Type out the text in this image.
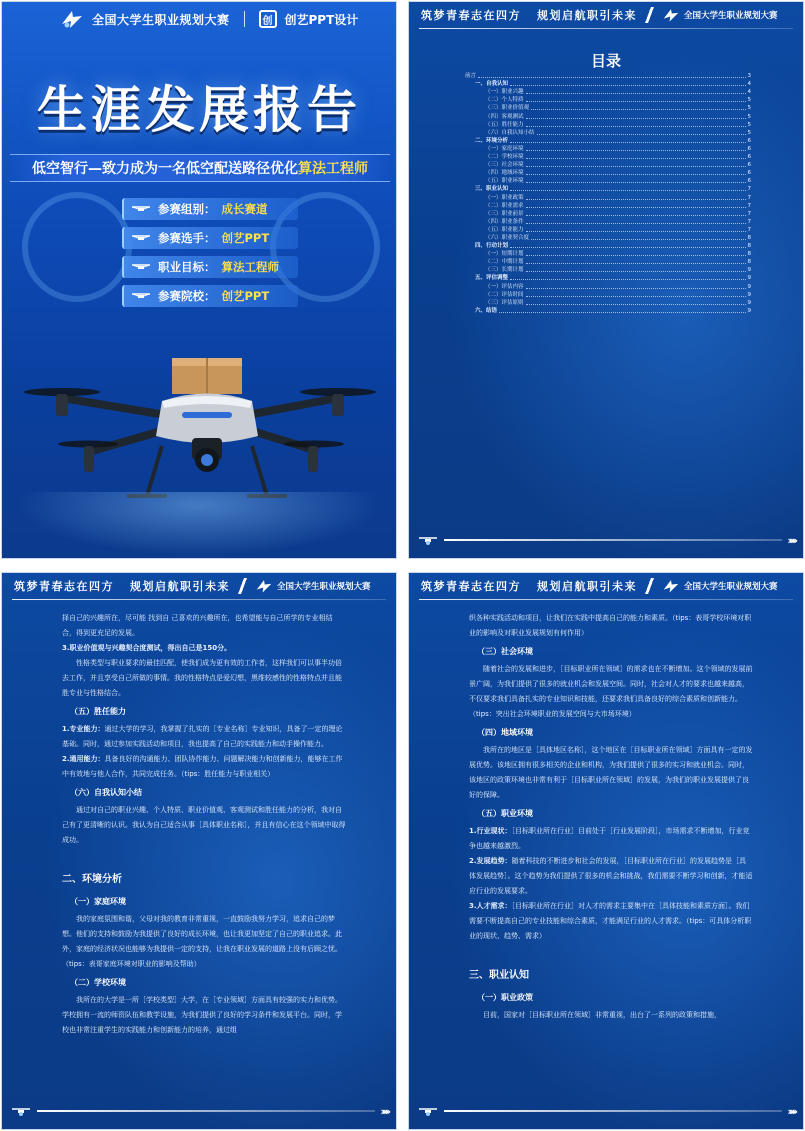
全国大学生职业规划大赛	创	创艺PPT设计
生涯发展报告
低空智行—致力成为一名低空配送路径优化 算法工程师
参赛组别： 成长赛道
参赛选手： 创艺PPT
职业目标： 算法工程师
参赛院校： 创艺PPT
筑梦青春志在四方 规划启航职引未来	全国大学生职业规划大赛
目录
前言	3
一、自我认知	4
（一）职业兴趣	4
（二）个人特质	5
（三）职业价值观	5
（四）客观测试	5
（五）胜任能力	5
（六）自我认知小结	5
二、环境分析	6
（一）家庭环境	6
（二）学校环境	6
（三）社会环境	6
（四）地域环境	6
（五）职业环境	6
三、职业认知	7
（一）职业政策	7
（二）职业需求	7
（三）职业前景	7
（四）职业条件	7
（五）职业能力	7
（六）职业契合度	8
四、行动计划	8
（一）短期计划	8
（二）中期计划	8
（三）长期计划	9
五、评估调整	9
（一）评估内容	9
（二）评估时间	9
（三）评估原则	9
六、结语	9
›››››
筑梦青春志在四方 规划启航职引未来	全国大学生职业规划大赛

择自己的兴趣所在，尽可能 找到自 己喜欢的兴趣所在，也希望能与自己所学的专业相结合，得到更充足的发展。

3.职业价值观与兴趣契合度测试，得出自己是150分。

性格类型与职业要求的最佳匹配，使我们成为更有效的工作者，这样我们可以事半功倍去工作，并且享受自己所做的事情。我的性格特点是爱幻想，黑维较感性的性格特点并且能胜专业与性格结合。

（五）胜任能力

1.专业能力：通过大学的学习，我掌握了扎实的［专业名称］专业知识，具备了一定的理论基础。同时，通过参加实践活动和项目，我也提高了自己的实践能力和动手操作能力。

2.通用能力：具备良好的沟通能力、团队协作能力、问题解决能力和创新能力，能够在工作中有效地与他人合作，共同完成任务。（tips：胜任能力与职业相关）

（六）自我认知小结

通过对自己的职业兴趣、个人特质、职业价值观、客观测试和胜任能力的分析，我对自己有了更清晰的认识。我认为自己适合从事［具体职业名称］，并且有信心在这个领域中取得成功。

二、环境分析
（一）家庭环境

我的家庭氛围和谐，父母对我的教育非常重视，一直鼓励我努力学习，追求自己的梦想。他们的支持和鼓励为我提供了良好的成长环境，也让我更加坚定了自己的职业追求。此外，家庭的经济状况也能够为我提供一定的支持，让我在职业发展的道路上没有后顾之忧。（tips：表哥家庭环境对职业的影响及帮助）

（二）学校环境

我所在的大学是一所［学校类型］大学，在［专业领域］方面具有较强的实力和优势。学校拥有一流的师资队伍和教学设施，为我们提供了良好的学习条件和发展平台。同时，学校也非常注重学生的实践能力和创新能力的培养，通过组

›››››
筑梦青春志在四方 规划启航职引未来	全国大学生职业规划大赛

织各种实践活动和项目，让我们在实践中提高自己的能力和素质。（tips：表哥学校环境对职业的影响及对职业发展规划有何作用）

（三）社会环境

随着社会的发展和进步，［目标职业所在领域］的需求也在不断增加。这个领域的发展前景广阔，为我们提供了很多的就业机会和发展空间。同时，社会对人才的要求也越来越高，不仅要求我们具备扎实的专业知识和技能，还要求我们具备良好的综合素质和创新能力。（tips：突出社会环境职业的发展空间与大市场环境）

（四）地域环境

我所在的地区是［具体地区名称］，这个地区在［目标职业所在领域］方面具有一定的发展优势。该地区拥有很多相关的企业和机构，为我们提供了很多的实习和就业机会。同时，该地区的政策环境也非常有利于［目标职业所在领域］的发展，为我们的职业发展提供了良好的保障。

（五）职业环境

1.行业现状：［目标职业所在行业］目前处于［行业发展阶段］，市场需求不断增加，行业竞争也越来越激烈。

2.发展趋势：随着科技的不断进步和社会的发展，［目标职业所在行业］的发展趋势是［具体发展趋势］。这个趋势为我们提供了很多的机会和挑战，我们需要不断学习和创新，才能适应行业的发展要求。

3.人才需求：［目标职业所在行业］对人才的需求主要集中在［具体技能和素质方面］。我们需要不断提高自己的专业技能和综合素质，才能满足行业的人才需求。（tips：可具体分析职业的现状、趋势、需求）

三、职业认知
（一）职业政策

目前，国家对［目标职业所在领域］非常重视，出台了一系列的政策和措施，

›››››
